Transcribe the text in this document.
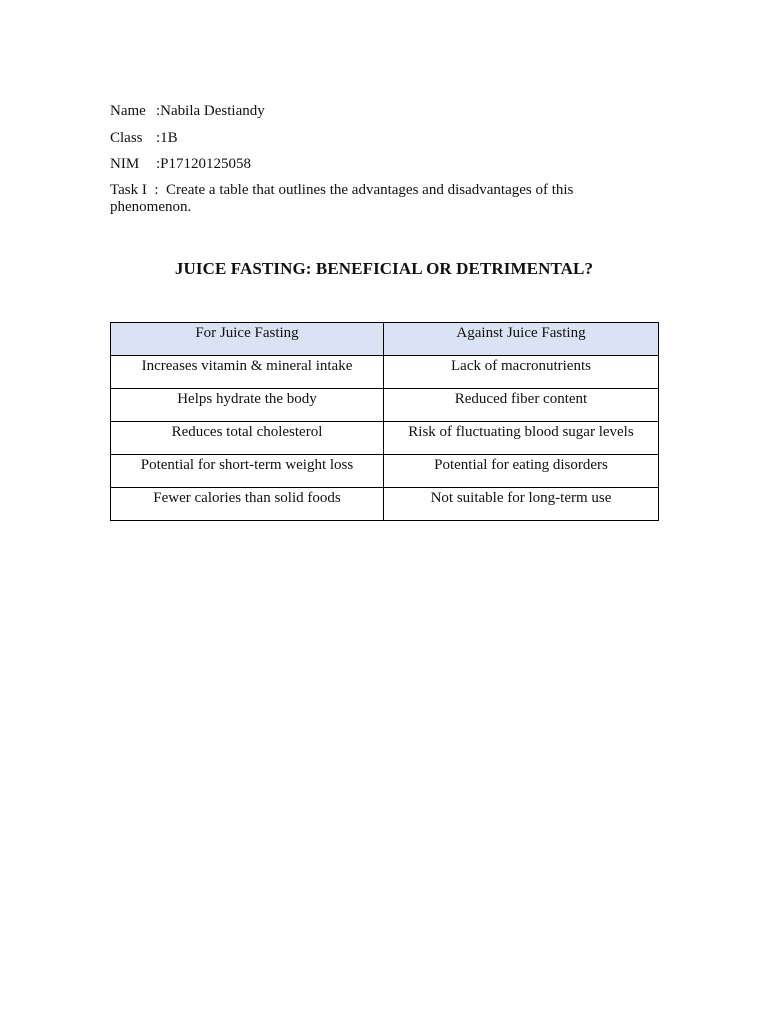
Name :Nabila Destiandy
Class :1B
NIM :P17120125058
Task I  :  Create a table that outlines the advantages and disadvantages of this phenomenon.
JUICE FASTING: BENEFICIAL OR DETRIMENTAL?
For Juice Fasting	Against Juice Fasting
Increases vitamin & mineral intake	Lack of macronutrients
Helps hydrate the body	Reduced fiber content
Reduces total cholesterol	Risk of fluctuating blood sugar levels
Potential for short-term weight loss	Potential for eating disorders
Fewer calories than solid foods	Not suitable for long-term use
